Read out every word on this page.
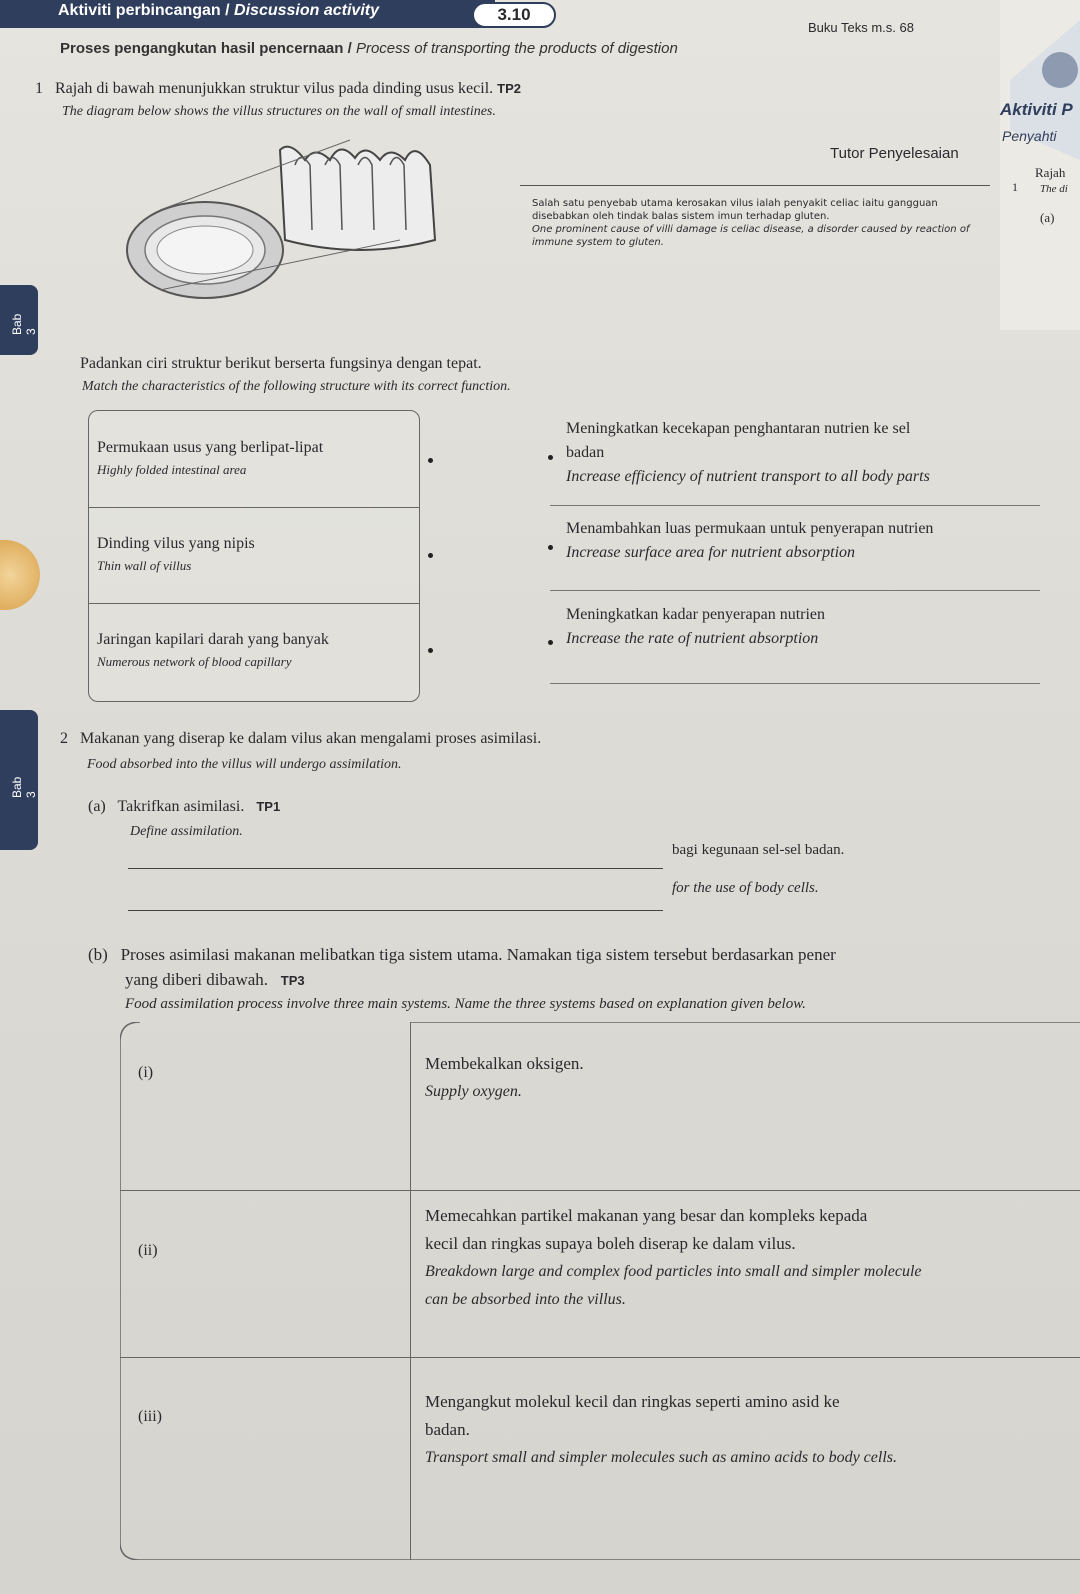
Aktiviti perbincangan / Discussion activity	3.10
Buku Teks m.s. 68
Proses pengangkutan hasil pencernaan / Process of transporting the products of digestion
Bab 3
Bab 3
Aktiviti P
Penyahti
1
Rajah
The di
(a)
1 Rajah di bawah menunjukkan struktur vilus pada dinding usus kecil. TP2
The diagram below shows the villus structures on the wall of small intestines.
Tutor Penyelesaian
Salah satu penyebab utama kerosakan vilus ialah penyakit celiac iaitu gangguan disebabkan oleh tindak balas sistem imun terhadap gluten.
One prominent cause of villi damage is celiac disease, a disorder caused by reaction of immune system to gluten.
Padankan ciri struktur berikut berserta fungsinya dengan tepat.
Match the characteristics of the following structure with its correct function.
Permukaan usus yang berlipat-lipat
Highly folded intestinal area
Dinding vilus yang nipis
Thin wall of villus
Jaringan kapilari darah yang banyak
Numerous network of blood capillary
Meningkatkan kecekapan penghantaran nutrien ke sel
badan
Increase efficiency of nutrient transport to all body parts
Menambahkan luas permukaan untuk penyerapan nutrien
Increase surface area for nutrient absorption
Meningkatkan kadar penyerapan nutrien
Increase the rate of nutrient absorption
2 Makanan yang diserap ke dalam vilus akan mengalami proses asimilasi.
Food absorbed into the villus will undergo assimilation.
(a) Takrifkan asimilasi. TP1
Define assimilation.
bagi kegunaan sel-sel badan.
for the use of body cells.
(b) Proses asimilasi makanan melibatkan tiga sistem utama. Namakan tiga sistem tersebut berdasarkan pener
yang diberi dibawah. TP3
Food assimilation process involve three main systems. Name the three systems based on explanation given below.
(i)	Membekalkan oksigen.
Supply oxygen.
(ii)
Memecahkan partikel makanan yang besar dan kompleks kepada
kecil dan ringkas supaya boleh diserap ke dalam vilus.
Breakdown large and complex food particles into small and simpler molecule
can be absorbed into the villus.
(iii)
Mengangkut molekul kecil dan ringkas seperti amino asid ke
badan.
Transport small and simpler molecules such as amino acids to body cells.
